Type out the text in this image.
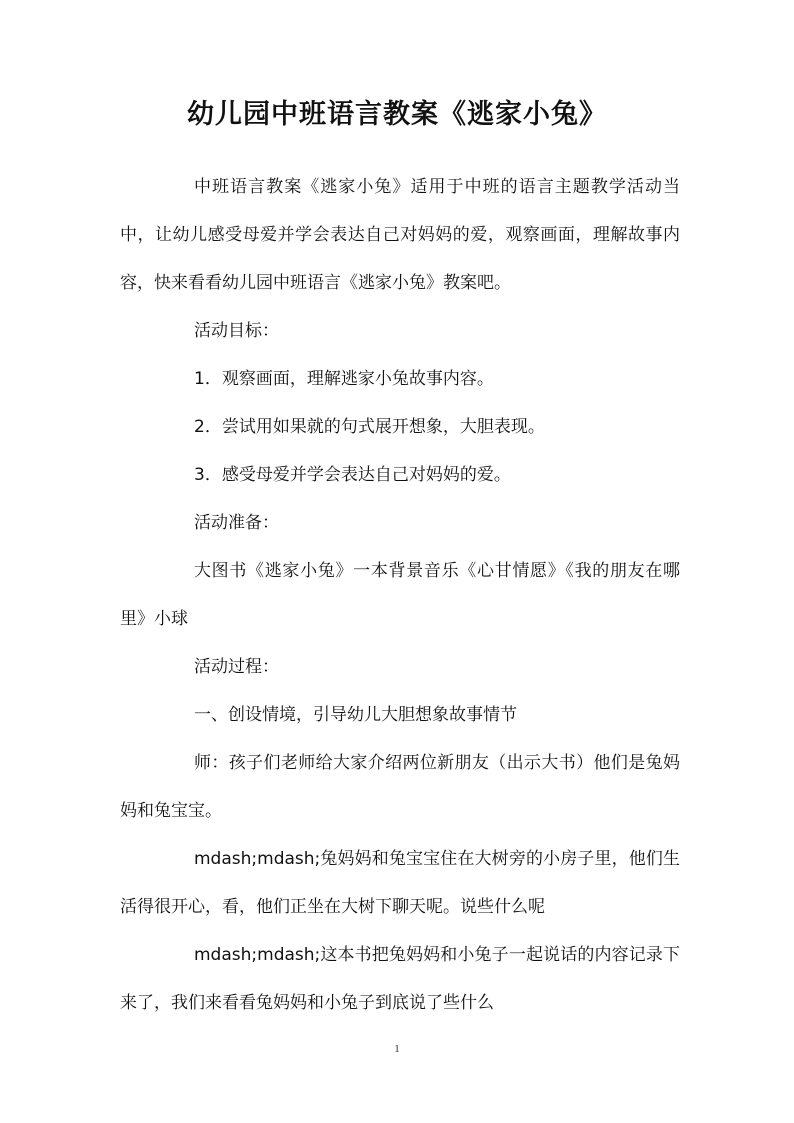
幼儿园中班语言教案《逃家小兔》

中班语言教案《逃家小兔》适用于中班的语言主题教学活动当中，让幼儿感受母爱并学会表达自己对妈妈的爱，观察画面，理解故事内容，快来看看幼儿园中班语言《逃家小兔》教案吧。

活动目标：

1．观察画面，理解逃家小兔故事内容。

2．尝试用如果就的句式展开想象，大胆表现。

3．感受母爱并学会表达自己对妈妈的爱。

活动准备：

大图书《逃家小兔》一本背景音乐《心甘情愿》《我的朋友在哪里》小球

活动过程：

一、创设情境，引导幼儿大胆想象故事情节

师：孩子们老师给大家介绍两位新朋友（出示大书）他们是兔妈妈和兔宝宝。

mdash;mdash;兔妈妈和兔宝宝住在大树旁的小房子里，他们生活得很开心，看，他们正坐在大树下聊天呢。说些什么呢

mdash;mdash;这本书把兔妈妈和小兔子一起说话的内容记录下来了，我们来看看兔妈妈和小兔子到底说了些什么

1
